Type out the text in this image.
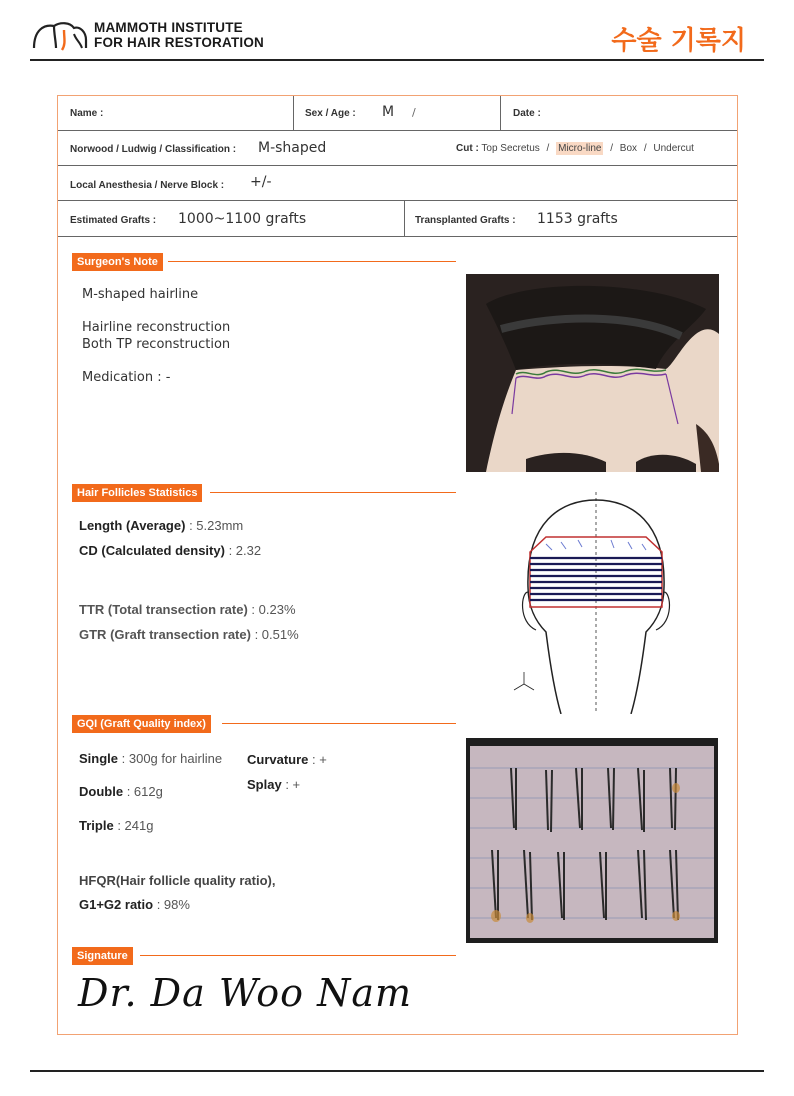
MAMMOTH INSTITUTE
FOR HAIR RESTORATION	수술 기록지
Name :	Sex / Age : M /	Date :
Norwood / Ludwig / Classification : M-shaped	Cut : Top Secretus / Micro-line / Box / Undercut
Local Anesthesia / Nerve Block : +/-
Estimated Grafts : 1000~1100 grafts	Transplanted Grafts : 1153 grafts
Surgeon's Note
M-shaped hairline
Hairline reconstruction
Both TP reconstruction
Medication : -
Hair Follicles Statistics
Length (Average) : 5.23mm
CD (Calculated density) : 2.32
TTR (Total transection rate) : 0.23%
GTR (Graft transection rate) : 0.51%
GQI (Graft Quality index)
Single : 300g for hairline
Double : 612g
Triple : 241g
Curvature : +
Splay : +
HFQR(Hair follicle quality ratio),
G1+G2 ratio : 98%
Signature
Dr. Da Woo Nam
